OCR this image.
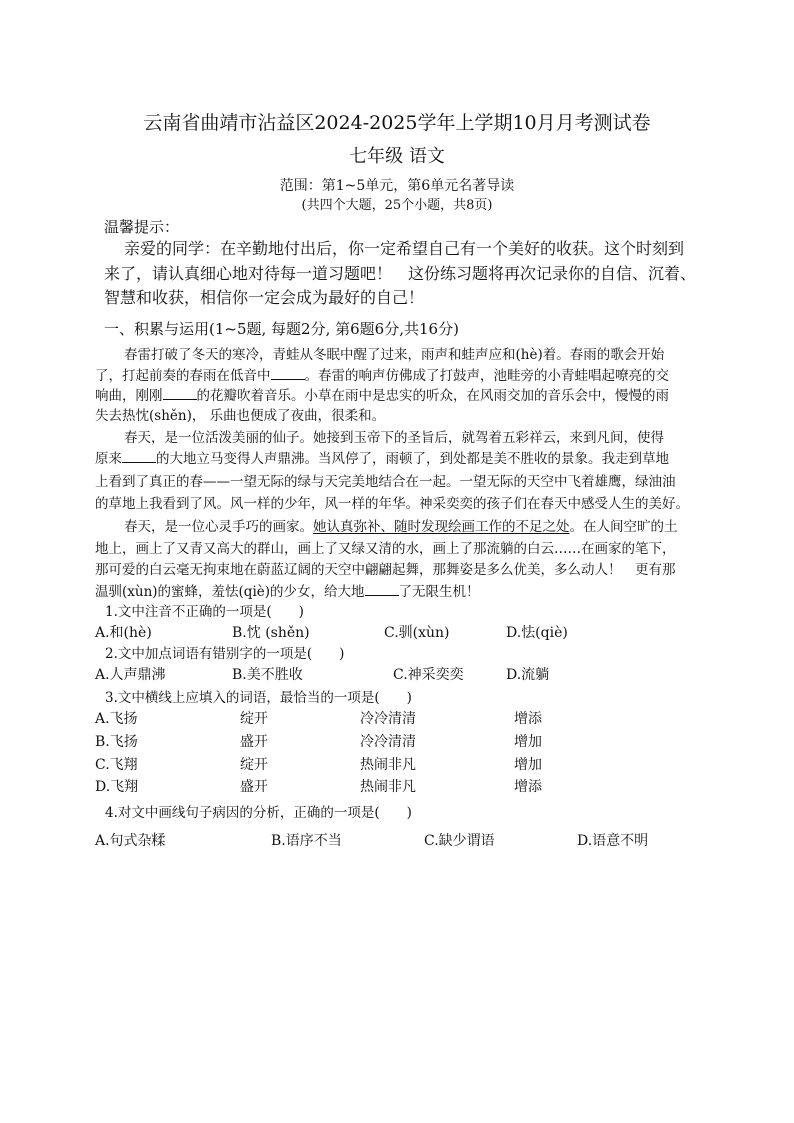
云南省曲靖市沾益区2024-2025学年上学期10月月考测试卷
七年级 语文
范围：第1~5单元，第6单元名著导读
(共四个大题，25个小题，共8页)
温馨提示：
亲爱的同学：在辛勤地付出后，你一定希望自己有一个美好的收获。这个时刻到
来了，请认真细心地对待每一道习题吧！　这份练习题将再次记录你的自信、沉着、
智慧和收获，相信你一定会成为最好的自己！
一、积累与运用(1~5题, 每题2分, 第6题6分,共16分)
春雷打破了冬天的寒冷，青蛙从冬眠中醒了过来，雨声和蛙声应和(hè)着。春雨的歌会开始
了，打起前奏的春雨在低音中	。春雷的响声仿佛成了打鼓声，池畦旁的小青蛙唱起嘹亮的交
响曲，刚刚	的花瓣吹着音乐。小草在雨中是忠实的听众，在风雨交加的音乐会中，慢慢的雨
失去热忱(shěn)， 乐曲也便成了夜曲，很柔和。
春天，是一位活泼美丽的仙子。她接到玉帝下的圣旨后，就驾着五彩祥云，来到凡间，使得
原来	的大地立马变得人声鼎沸。当风停了，雨顿了，到处都是美不胜收的景象。我走到草地
上看到了真正的春——一望无际的绿与天完美地结合在一起。一望无际的天空中飞着雄鹰，绿油油
的草地上我看到了风。风一样的少年，风一样的年华。神采奕奕的孩子们在春天中感受人生的美好。
春天，是一位心灵手巧的画家。她认真弥补、随时发现绘画工作的不足之处。在人间空旷的土
地上，画上了又青又高大的群山，画上了又绿又清的水，画上了那流躺的白云……在画家的笔下，
那可爱的白云毫无拘束地在蔚蓝辽阔的天空中翩翩起舞，那舞姿是多么优美，多么动人！　更有那
温驯(xùn)的蜜蜂，羞怯(qiè)的少女，给大地	了无限生机！
1.文中注音不正确的一项是(　　)
A.和(hè)	B.忱 (shěn)	C.驯(xùn)	D.怯(qiè)
2.文中加点词语有错别字的一项是(　　)
A.人声鼎沸	B.美不胜收	C.神采奕奕	D.流躺
3.文中横线上应填入的词语，最恰当的一项是(　　)
A.飞扬	绽开	冷冷清清	增添
B.飞扬	盛开	冷冷清清	增加
C.飞翔	绽开	热闹非凡	增加
D.飞翔	盛开	热闹非凡	增添
4.对文中画线句子病因的分析，正确的一项是(　　)
A.句式杂糅	B.语序不当	C.缺少谓语	D.语意不明
